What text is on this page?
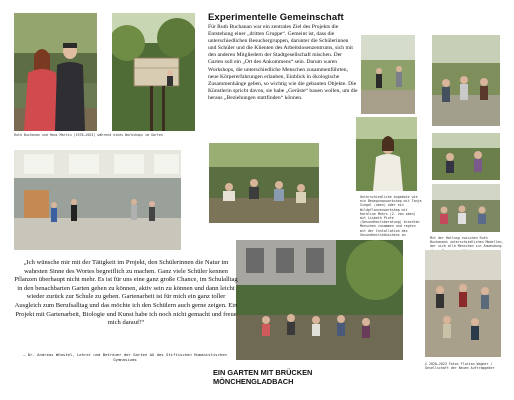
Experimentelle Gemeinschaft
Für Ruth Buchanan war ein zentrales Ziel des Projekts die Entstehung einer „dritten Gruppe“. Gemeint ist, dass die unterschiedlichen Besuchergruppen, darunter die Schülerinnen und Schüler und die Klienten des Arbeitslosenzentrums, sich mit den anderen Mitgliedern der Stadtgesellschaft mischen. Der Garten soll ein „Ort des Ankommens“ sein. Darum waren Workshops, die unterschiedliche Menschen zusammenführten, neue Körpererfahrungen erlauben, Einblick in ökologische Zusammenhänge geben, so wichtig wie die gebauten Objekte. Die Künstlerin spricht davon, sie habe „Gerüste“ bauen wollen, um die heraus „Beziehungen stattfinden“ können.
Ruth Buchanan und Hans Martin (1978–2023) während eines Workshops im Garten
Unterschiedliche Angebote wie ein Bewegungsworkshop mit Tanja Siegel (oben) oder ein Wildpflanzenworkshop mit Karoline Mohrs (2. von oben) mit Lisbeth Pinte (Gesundheitsberatung) brachten Menschen zusammen und regten mit der Installation des Gesundheitshäuschens an
Mit der Haltung zwischen Ruth Buchanans unterschiedlichen Modellen, der sich alle Menschen zur Anwendung
„Ich wünsche mir mit der Tätigkeit im Projekt, den Schülerinnen die Natur im wahrsten Sinne des Wortes begreiflich zu machen. Ganz viele Schüler kennen Pflanzen überhaupt nicht mehr. Es ist für uns eine ganz große Chance, im Schulalltag in den benachbarten Garten gehen zu können, aktiv sein zu können und dann leicht wieder zurück zur Schule zu gehen. Gartenarbeit ist für mich ein ganz toller Ausgleich zum Berufsalltag und das möchte ich den Schülern auch gerne zeigen. Ein Projekt mit Gartenarbeit, Biologie und Kunst habe ich noch nicht gemacht und freue mich darauf!“
– Dr. Andreas Wünstel, Lehrer und Betreuer der Garten AG des Stiftischen Humanistischen Gymnasiums
EIN GARTEN MIT BRÜCKEN
MÖNCHENGLADBACH
© 2020–2023 Fotos Florian Wagner / Gesellschaft der Neuen Auftraggeber
